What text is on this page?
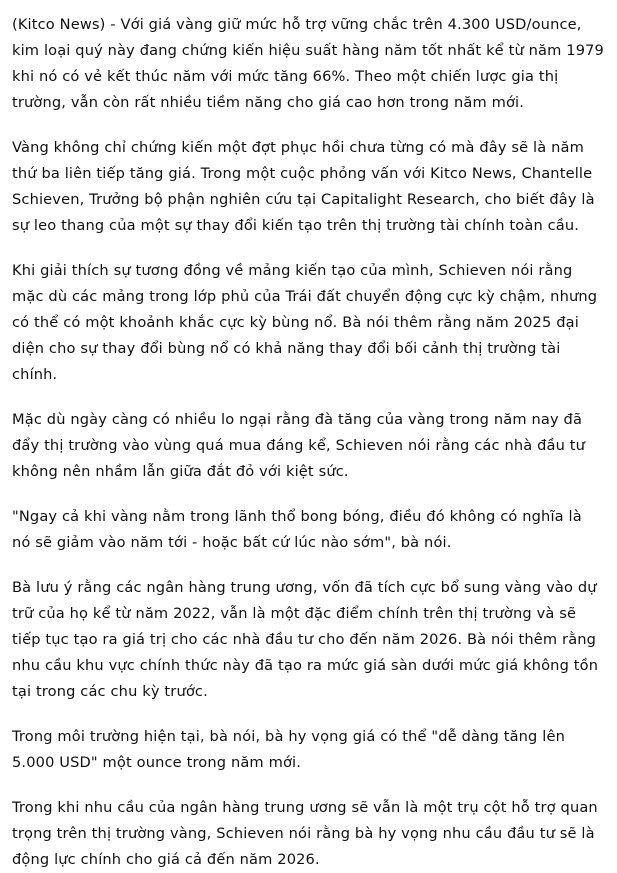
(Kitco News) - Với giá vàng giữ mức hỗ trợ vững chắc trên 4.300 USD/ounce, kim loại quý này đang chứng kiến hiệu suất hàng năm tốt nhất kể từ năm 1979 khi nó có vẻ kết thúc năm với mức tăng 66%. Theo một chiến lược gia thị trường, vẫn còn rất nhiều tiềm năng cho giá cao hơn trong năm mới.

Vàng không chỉ chứng kiến một đợt phục hồi chưa từng có mà đây sẽ là năm thứ ba liên tiếp tăng giá. Trong một cuộc phỏng vấn với Kitco News, Chantelle Schieven, Trưởng bộ phận nghiên cứu tại Capitalight Research, cho biết đây là sự leo thang của một sự thay đổi kiến tạo trên thị trường tài chính toàn cầu.

Khi giải thích sự tương đồng về mảng kiến tạo của mình, Schieven nói rằng mặc dù các mảng trong lớp phủ của Trái đất chuyển động cực kỳ chậm, nhưng có thể có một khoảnh khắc cực kỳ bùng nổ. Bà nói thêm rằng năm 2025 đại diện cho sự thay đổi bùng nổ có khả năng thay đổi bối cảnh thị trường tài chính.

Mặc dù ngày càng có nhiều lo ngại rằng đà tăng của vàng trong năm nay đã đẩy thị trường vào vùng quá mua đáng kể, Schieven nói rằng các nhà đầu tư không nên nhầm lẫn giữa đắt đỏ với kiệt sức.

"Ngay cả khi vàng nằm trong lãnh thổ bong bóng, điều đó không có nghĩa là nó sẽ giảm vào năm tới - hoặc bất cứ lúc nào sớm", bà nói.

Bà lưu ý rằng các ngân hàng trung ương, vốn đã tích cực bổ sung vàng vào dự trữ của họ kể từ năm 2022, vẫn là một đặc điểm chính trên thị trường và sẽ tiếp tục tạo ra giá trị cho các nhà đầu tư cho đến năm 2026. Bà nói thêm rằng nhu cầu khu vực chính thức này đã tạo ra mức giá sàn dưới mức giá không tồn tại trong các chu kỳ trước.

Trong môi trường hiện tại, bà nói, bà hy vọng giá có thể "dễ dàng tăng lên 5.000 USD" một ounce trong năm mới.

Trong khi nhu cầu của ngân hàng trung ương sẽ vẫn là một trụ cột hỗ trợ quan trọng trên thị trường vàng, Schieven nói rằng bà hy vọng nhu cầu đầu tư sẽ là động lực chính cho giá cả đến năm 2026.
